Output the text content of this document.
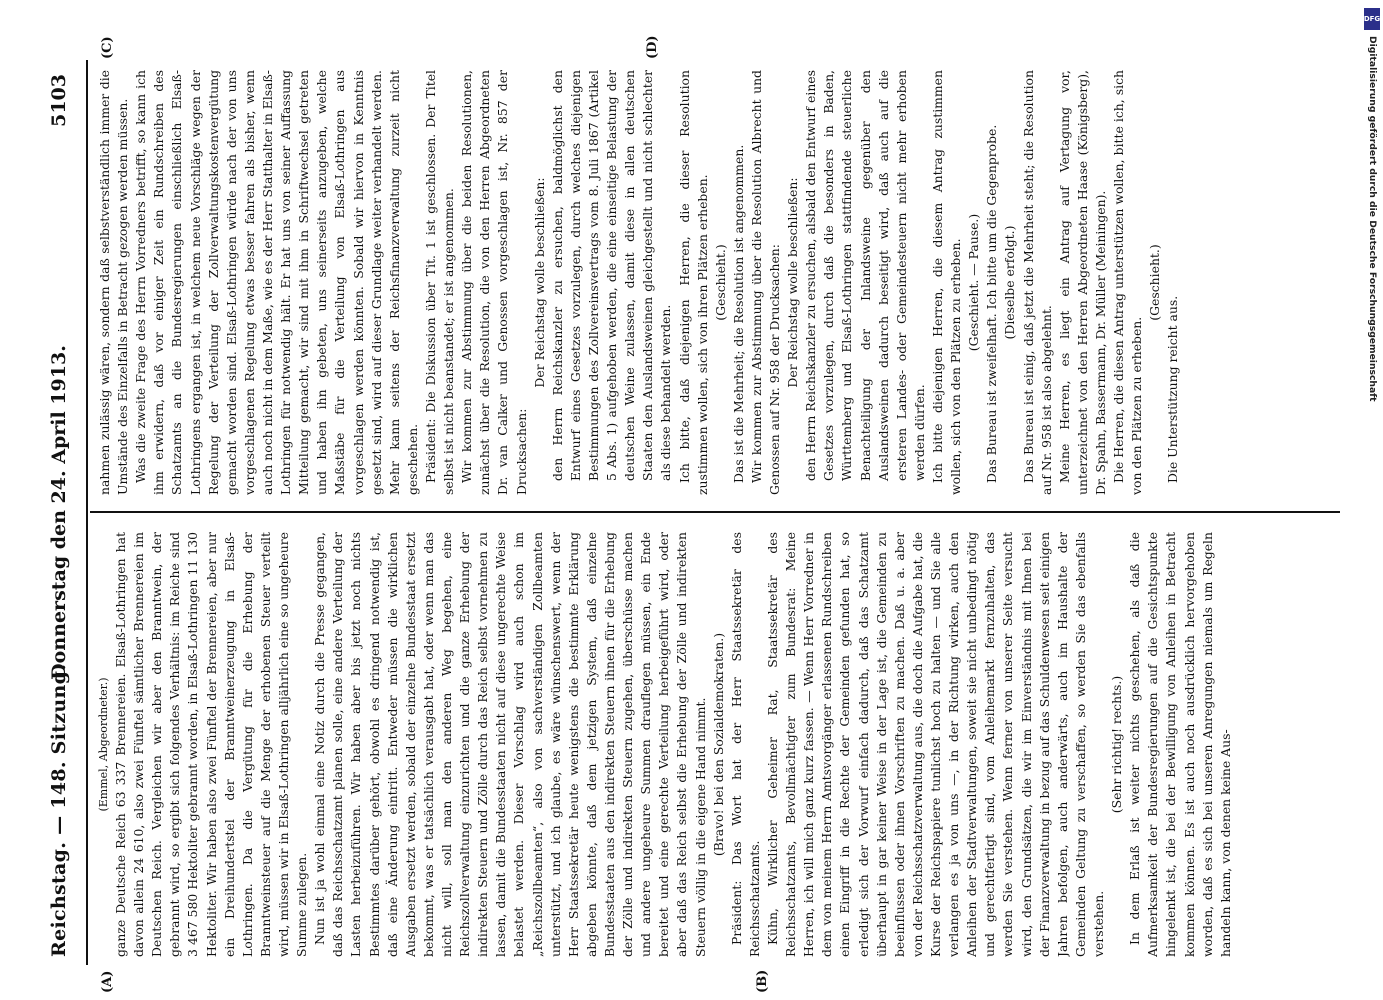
Reichstag. — 148. Sitzung.
Donnerstag den 24. April 1913.
5103
(A)	(B)
(C)	(D)

(Emmel, Abgeordneter.) ganze Deutsche Reich 63 337 Brennereien. Elsaß-Lothringen hat davon allein 24 610, also zwei Fünftel sämtlicher Brennereien im Deutschen Reich. Vergleichen wir aber den Branntwein, der gebrannt wird, so ergibt sich folgendes Verhältnis: im Reiche sind 3 467 580 Hektoliter gebrannt worden, in Elsaß-Lothringen 11 130 Hektoliter. Wir haben also zwei Fünftel der Brennereien, aber nur ein Dreihundertstel der Branntweinerzeugung in Elsaß-Lothringen. Da die Vergütung für die Erhebung der Branntweinsteuer auf die Menge der erhobenen Steuer verteilt wird, müssen wir in Elsaß-Lothringen alljährlich eine so ungeheure Summe zulegen. Nun ist ja wohl einmal eine Notiz durch die Presse gegangen, daß das Reichsschatzamt planen solle, eine andere Verteilung der Lasten herbeizuführen. Wir haben aber bis jetzt noch nichts Bestimmtes darüber gehört, obwohl es dringend notwendig ist, daß eine Änderung eintritt. Entweder müssen die wirklichen Ausgaben ersetzt werden, sobald der einzelne Bundesstaat ersetzt bekommt, was er tatsächlich verausgabt hat, oder wenn man das nicht will, soll man den anderen Weg begehen, eine Reichszollverwaltung einzurichten und die ganze Erhebung der indirekten Steuern und Zölle durch das Reich selbst vornehmen zu lassen, damit die Bundesstaaten nicht auf diese ungerechte Weise belastet werden. Dieser Vorschlag wird auch schon im „Reichszollbeamten“, also von sachverständigen Zollbeamten unterstützt, und ich glaube, es wäre wünschenswert, wenn der Herr Staatssekretär heute wenigstens die bestimmte Erklärung abgeben könnte, daß dem jetzigen System, daß einzelne Bundesstaaten aus den indirekten Steuern ihnen für die Erhebung der Zölle und indirekten Steuern zugehen, überschüsse machen und andere ungeheure Summen drauflegen müssen, ein Ende bereitet und eine gerechte Verteilung herbeigeführt wird, oder aber daß das Reich selbst die Erhebung der Zölle und indirekten Steuern völlig in die eigene Hand nimmt. (Bravo! bei den Sozialdemokraten.) Präsident: Das Wort hat der Herr Staatssekretär des Reichsschatzamts. Kühn, Wirklicher Geheimer Rat, Staatssekretär des Reichsschatzamts, Bevollmächtigter zum Bundesrat: Meine Herren, ich will mich ganz kurz fassen. — Wenn Herr Vorredner in dem von meinem Herrn Amtsvorgänger erlassenen Rundschreiben einen Eingriff in die Rechte der Gemeinden gefunden hat, so erledigt sich der Vorwurf einfach dadurch, daß das Schatzamt überhaupt in gar keiner Weise in der Lage ist, die Gemeinden zu beeinflussen oder ihnen Vorschriften zu machen. Daß u. a. aber von der Reichsschatzverwaltung aus, die doch die Aufgabe hat, die Kurse der Reichspapiere tunlichst hoch zu halten — und Sie alle verlangen es ja von uns —, in der Richtung wirken, auch den Anleihen der Stadtverwaltungen, soweit sie nicht unbedingt nötig und gerechtfertigt sind, vom Anleihemarkt fernzuhalten, das werden Sie verstehen. Wenn ferner von unserer Seite versucht wird, den Grundsätzen, die wir im Einverständnis mit Ihnen bei der Finanzverwaltung in bezug auf das Schuldenwesen seit einigen Jahren befolgen, auch anderwärts, auch im Haushalte der Gemeinden Geltung zu verschaffen, so werden Sie das ebenfalls verstehen.

(Sehr richtig! rechts.) In dem Erlaß ist weiter nichts geschehen, als daß die Aufmerksamkeit der Bundesregierungen auf die Gesichtspunkte hingelenkt ist, die bei der Bewilligung von Anleihen in Betracht kommen können. Es ist auch noch ausdrücklich hervorgehoben worden, daß es sich bei unseren Anregungen niemals um Regeln handeln kann, von denen keine Aus-

nahmen zulässig wären, sondern daß selbstverständlich immer die Umstände des Einzelfalls in Betracht gezogen werden müssen. Was die zweite Frage des Herrn Vorredners betrifft, so kann ich ihm erwidern, daß vor einiger Zeit ein Rundschreiben des Schatzamts an die Bundesregierungen einschließlich Elsaß-Lothringens ergangen ist, in welchem neue Vorschläge wegen der Regelung der Verteilung der Zollverwaltungskostenvergütung gemacht worden sind. Elsaß-Lothringen würde nach der von uns vorgeschlagenen Regelung etwas besser fahren als bisher, wenn auch noch nicht in dem Maße, wie es der Herr Statthalter in Elsaß-Lothringen für notwendig hält. Er hat uns von seiner Auffassung Mitteilung gemacht, wir sind mit ihm in Schriftwechsel getreten und haben ihn gebeten, uns seinerseits anzugeben, welche Maßstäbe für die Verteilung von Elsaß-Lothringen aus vorgeschlagen werden könnten. Sobald wir hiervon in Kenntnis gesetzt sind, wird auf dieser Grundlage weiter verhandelt werden. Mehr kann seitens der Reichsfinanzverwaltung zurzeit nicht geschehen. Präsident: Die Diskussion über Tit. 1 ist geschlossen. Der Titel selbst ist nicht beanstandet; er ist angenommen. Wir kommen zur Abstimmung über die beiden Resolutionen, zunächst über die Resolution, die von den Herren Abgeordneten Dr. van Calker und Genossen vorgeschlagen ist, Nr. 857 der Drucksachen:

Der Reichstag wolle beschließen: den Herrn Reichskanzler zu ersuchen, baldmöglichst den Entwurf eines Gesetzes vorzulegen, durch welches diejenigen Bestimmungen des Zollvereinsvertrags vom 8. Juli 1867 (Artikel 5 Abs. 1) aufgehoben werden, die eine einseitige Belastung der deutschen Weine zulassen, damit diese in allen deutschen Staaten den Auslandsweinen gleichgestellt und nicht schlechter als diese behandelt werden. Ich bitte, daß diejenigen Herren, die dieser Resolution zustimmen wollen, sich von ihren Plätzen erheben. (Geschieht.) Das ist die Mehrheit; die Resolution ist angenommen. Wir kommen zur Abstimmung über die Resolution Albrecht und Genossen auf Nr. 958 der Drucksachen: Der Reichstag wolle beschließen: den Herrn Reichskanzler zu ersuchen, alsbald den Entwurf eines Gesetzes vorzulegen, durch daß die besonders in Baden, Württemberg und Elsaß-Lothringen stattfindende steuerliche Benachteiligung der Inlandsweine gegenüber den Auslandsweinen dadurch beseitigt wird, daß auch auf die ersteren Landes- oder Gemeindesteuern nicht mehr erhoben werden dürfen. Ich bitte diejenigen Herren, die diesem Antrag zustimmen wollen, sich von den Plätzen zu erheben. (Geschieht. — Pause.) Das Bureau ist zweifelhaft. Ich bitte um die Gegenprobe. (Dieselbe erfolgt.) Das Bureau ist einig, daß jetzt die Mehrheit steht; die Resolution auf Nr. 958 ist also abgelehnt. Meine Herren, es liegt ein Antrag auf Vertagung vor, unterzeichnet von den Herren Abgeordneten Haase (Königsberg), Dr. Spahn, Bassermann, Dr. Müller (Meiningen). Die Herren, die diesen Antrag unterstützen wollen, bitte ich, sich von den Plätzen zu erheben.

(Geschieht.)

Die Unterstützung reicht aus.

DFG
Digitalisierung gefördert durch die Deutsche Forschungsgemeinschaft
